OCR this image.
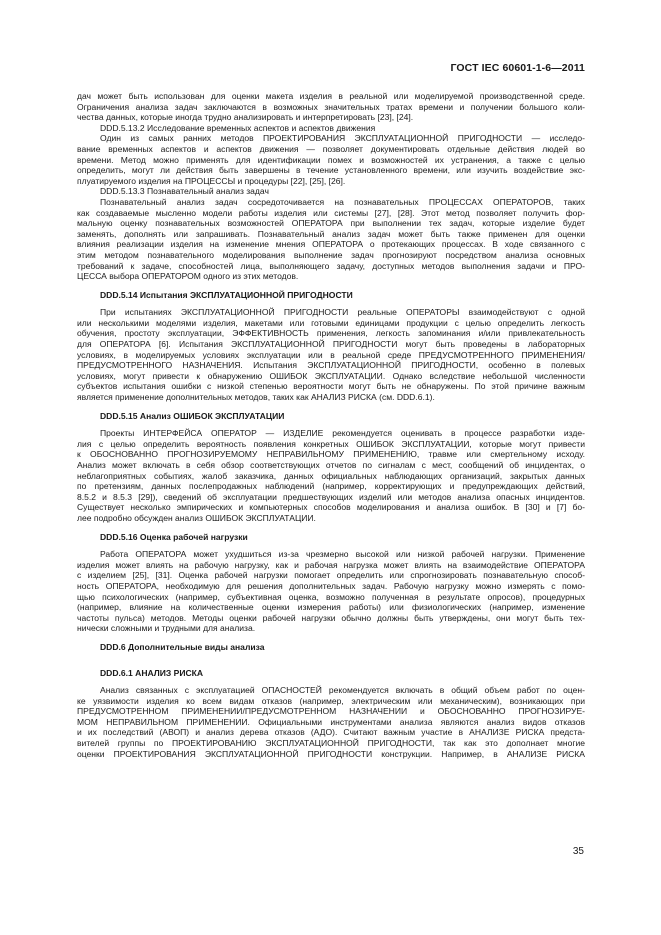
ГОСТ IEC 60601-1-6—2011
дач может быть использован для оценки макета изделия в реальной или моделируемой производственной среде.
Ограничения анализа задач заключаются в возможных значительных тратах времени и получении большого коли-
чества данных, которые иногда трудно анализировать и интерпретировать [23], [24].
DDD.5.13.2 Исследование временных аспектов и аспектов движения
Один из самых ранних методов ПРОЕКТИРОВАНИЯ ЭКСПЛУАТАЦИОННОЙ ПРИГОДНОСТИ — исследо-
вание временных аспектов и аспектов движения — позволяет документировать отдельные действия людей во
времени. Метод можно применять для идентификации помех и возможностей их устранения, а также с целью
определить, могут ли действия быть завершены в течение установленного времени, или изучить воздействие экс-
плуатируемого изделия на ПРОЦЕССЫ и процедуры [22], [25], [26].
DDD.5.13.3 Познавательный анализ задач
Познавательный анализ задач сосредоточивается на познавательных ПРОЦЕССАХ ОПЕРАТОРОВ, таких
как создаваемые мысленно модели работы изделия или системы [27], [28]. Этот метод позволяет получить фор-
мальную оценку познавательных возможностей ОПЕРАТОРА при выполнении тех задач, которые изделие будет
заменять, дополнять или запрашивать. Познавательный анализ задач может быть также применен для оценки
влияния реализации изделия на изменение мнения ОПЕРАТОРА о протекающих процессах. В ходе связанного с
этим методом познавательного моделирования выполнение задач прогнозируют посредством анализа основных
требований к задаче, способностей лица, выполняющего задачу, доступных методов выполнения задачи и ПРО-
ЦЕССА выбора ОПЕРАТОРОМ одного из этих методов.
DDD.5.14 Испытания ЭКСПЛУАТАЦИОННОЙ ПРИГОДНОСТИ
При испытаниях ЭКСПЛУАТАЦИОННОЙ ПРИГОДНОСТИ реальные ОПЕРАТОРЫ взаимодействуют с одной
или несколькими моделями изделия, макетами или готовыми единицами продукции с целью определить легкость
обучения, простоту эксплуатации, ЭФФЕКТИВНОСТЬ применения, легкость запоминания и/или привлекательность
для ОПЕРАТОРА [6]. Испытания ЭКСПЛУАТАЦИОННОЙ ПРИГОДНОСТИ могут быть проведены в лабораторных
условиях, в моделируемых условиях эксплуатации или в реальной среде ПРЕДУСМОТРЕННОГО ПРИМЕНЕНИЯ/
ПРЕДУСМОТРЕННОГО НАЗНАЧЕНИЯ. Испытания ЭКСПЛУАТАЦИОННОЙ ПРИГОДНОСТИ, особенно в полевых
условиях, могут привести к обнаружению ОШИБОК ЭКСПЛУАТАЦИИ. Однако вследствие небольшой численности
субъектов испытания ошибки с низкой степенью вероятности могут быть не обнаружены. По этой причине важным
является применение дополнительных методов, таких как АНАЛИЗ РИСКА (см. DDD.6.1).
DDD.5.15 Анализ ОШИБОК ЭКСПЛУАТАЦИИ
Проекты ИНТЕРФЕЙСА ОПЕРАТОР — ИЗДЕЛИЕ рекомендуется оценивать в процессе разработки изде-
лия с целью определить вероятность появления конкретных ОШИБОК ЭКСПЛУАТАЦИИ, которые могут привести
к ОБОСНОВАННО ПРОГНОЗИРУЕМОМУ НЕПРАВИЛЬНОМУ ПРИМЕНЕНИЮ, травме или смертельному исходу.
Анализ может включать в себя обзор соответствующих отчетов по сигналам с мест, сообщений об инцидентах, о
неблагоприятных событиях, жалоб заказчика, данных официальных наблюдающих организаций, закрытых данных
по претензиям, данных послепродажных наблюдений (например, корректирующих и предупреждающих действий,
8.5.2 и 8.5.3 [29]), сведений об эксплуатации предшествующих изделий или методов анализа опасных инцидентов.
Существует несколько эмпирических и компьютерных способов моделирования и анализа ошибок. В [30] и [7] бо-
лее подробно обсужден анализ ОШИБОК ЭКСПЛУАТАЦИИ.
DDD.5.16 Оценка рабочей нагрузки
Работа ОПЕРАТОРА может ухудшиться из-за чрезмерно высокой или низкой рабочей нагрузки. Применение
изделия может влиять на рабочую нагрузку, как и рабочая нагрузка может влиять на взаимодействие ОПЕРАТОРА
с изделием [25], [31]. Оценка рабочей нагрузки помогает определить или спрогнозировать познавательную способ-
ность ОПЕРАТОРА, необходимую для решения дополнительных задач. Рабочую нагрузку можно измерять с помо-
щью психологических (например, субъективная оценка, возможно полученная в результате опросов), процедурных
(например, влияние на количественные оценки измерения работы) или физиологических (например, изменение
частоты пульса) методов. Методы оценки рабочей нагрузки обычно должны быть утверждены, они могут быть тех-
нически сложными и трудными для анализа.
DDD.6 Дополнительные виды анализа
DDD.6.1 АНАЛИЗ РИСКА
Анализ связанных с эксплуатацией ОПАСНОСТЕЙ рекомендуется включать в общий объем работ по оцен-
ке уязвимости изделия ко всем видам отказов (например, электрическим или механическим), возникающих при
ПРЕДУСМОТРЕННОМ ПРИМЕНЕНИИ/ПРЕДУСМОТРЕННОМ НАЗНАЧЕНИИ и ОБОСНОВАННО ПРОГНОЗИРУЕ-
МОМ НЕПРАВИЛЬНОМ ПРИМЕНЕНИИ. Официальными инструментами анализа являются анализ видов отказов
и их последствий (АВОП) и анализ дерева отказов (АДО). Считают важным участие в АНАЛИЗЕ РИСКА предста-
вителей группы по ПРОЕКТИРОВАНИЮ ЭКСПЛУАТАЦИОННОЙ ПРИГОДНОСТИ, так как это дополнает многие
оценки ПРОЕКТИРОВАНИЯ ЭКСПЛУАТАЦИОННОЙ ПРИГОДНОСТИ конструкции. Например, в АНАЛИЗЕ РИСКА
35
